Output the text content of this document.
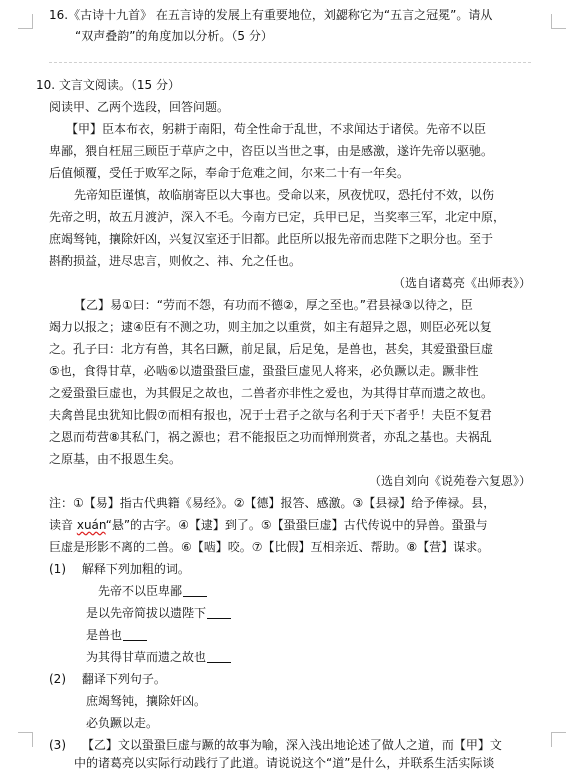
16.《古诗十九首》 在五言诗的发展上有重要地位，刘勰称它为“五言之冠冕”。请从
“双声叠韵”的角度加以分析。（5 分）
10. 文言文阅读。（15 分）
阅读甲、乙两个选段，回答问题。
【甲】臣本布衣，躬耕于南阳，苟全性命于乱世，不求闻达于诸侯。先帝不以臣
卑鄙，猥自枉屈三顾臣于草庐之中，咨臣以当世之事，由是感激，遂许先帝以驱驰。
后值倾覆，受任于败军之际，奉命于危难之间，尔来二十有一年矣。
先帝知臣谨慎，故临崩寄臣以大事也。受命以来，夙夜忧叹，恐托付不效，以伤
先帝之明，故五月渡泸，深入不毛。今南方已定，兵甲已足，当奖率三军，北定中原，
庶竭驽钝，攘除奸凶，兴复汉室还于旧都。此臣所以报先帝而忠陛下之职分也。至于
斟酌损益，进尽忠言，则攸之、祎、允之任也。
（选自诸葛亮《出师表》）
【乙】易①曰：“劳而不怨，有功而不德②，厚之至也。”君县禄③以待之，臣
竭力以报之；逮④臣有不测之功，则主加之以重赏，如主有超异之恩，则臣必死以复
之。孔子曰：北方有兽，其名曰蹶，前足鼠，后足兔，是兽也，甚矣，其爱蛩蛩巨虚
⑤也，食得甘草，必啮⑥以遗蛩蛩巨虚，蛩蛩巨虚见人将来，必负蹶以走。蹶非性
之爱蛩蛩巨虚也，为其假足之故也，二兽者亦非性之爱也，为其得甘草而遗之故也。
夫禽兽昆虫犹知比假⑦而相有报也，况于士君子之欲与名利于天下者乎！夫臣不复君
之恩而苟营⑧其私门，祸之源也；君不能报臣之功而惮刑赏者，亦乱之基也。夫祸乱
之原基，由不报恩生矣。
（选自刘向《说苑卷六复恩》）
注：①【易】指古代典籍《易经》。②【德】报答、感激。③【县禄】给予俸禄。县，
读音 xuán“悬”的古字。④【逮】到了。⑤【蛩蛩巨虚】古代传说中的异兽。蛩蛩与
巨虚是形影不离的二兽。⑥【啮】咬。⑦【比假】互相亲近、帮助。⑧【营】谋求。
(1) 解释下列加粗的词。
先帝不以臣卑鄙
是以先帝简拔以遗陛下
是兽也
为其得甘草而遗之故也
(2) 翻译下列句子。
庶竭驽钝，攘除奸凶。
必负蹶以走。
(3) 【乙】文以蛩蛩巨虚与蹶的故事为喻，深入浅出地论述了做人之道，而【甲】文
中的诸葛亮以实际行动践行了此道。请说说这个“道”是什么，并联系生活实际谈
